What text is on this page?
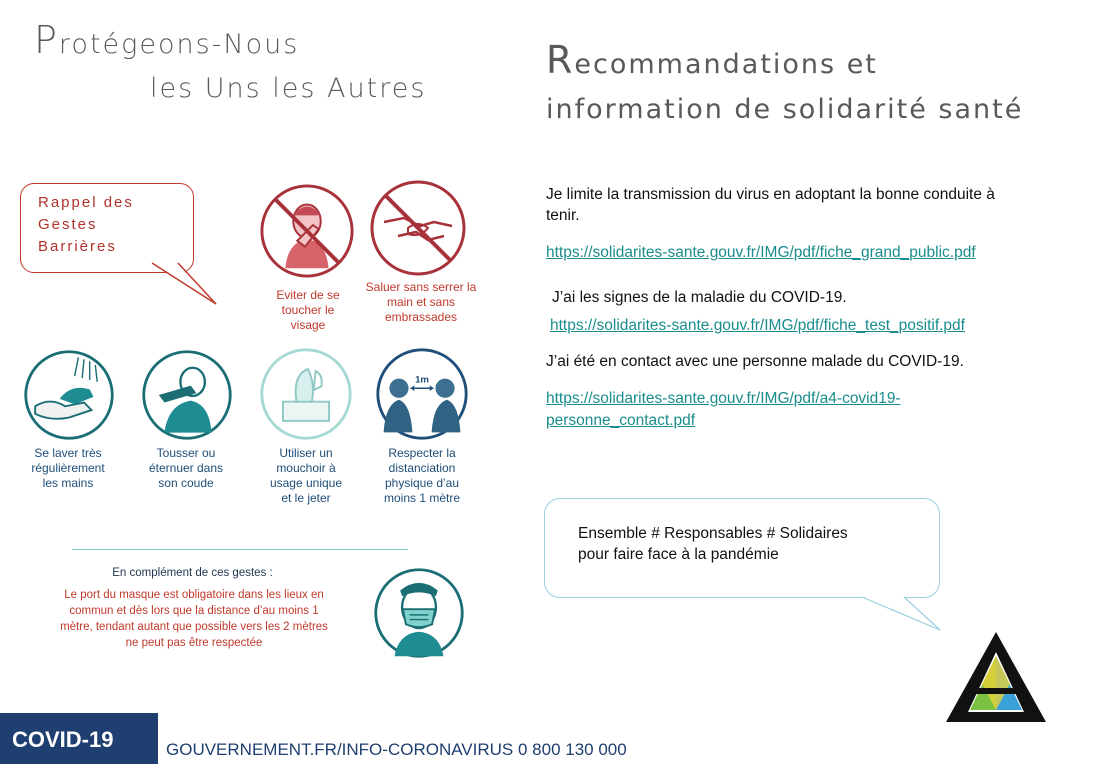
Protégeons-Nous
les Uns les Autres
Recommandations et
information de solidarité santé
Rappel des
Gestes
Barrières
Eviter de se
toucher le
visage
Saluer sans serrer la
main et sans
embrassades
Se laver très
régulièrement
les mains
Tousser ou
éternuer dans
son coude
Utiliser un
mouchoir à
usage unique
et le jeter
1m
Respecter la
distanciation
physique d’au
moins 1 mètre
En complément de ces gestes :
Le port du masque est obligatoire dans les lieux en
commun et dès lors que la distance d’au moins 1
mètre, tendant autant que possible vers les 2 mètres
ne peut pas être respectée
Je limite la transmission du virus en adoptant la bonne conduite à tenir.
https://solidarites-sante.gouv.fr/IMG/pdf/fiche_grand_public.pdf
J’ai les signes de la maladie du COVID-19.
https://solidarites-sante.gouv.fr/IMG/pdf/fiche_test_positif.pdf
J’ai été en contact avec une personne malade du COVID-19.
https://solidarites-sante.gouv.fr/IMG/pdf/a4-covid19-personne_contact.pdf
Ensemble # Responsables # Solidaires
pour faire face à la pandémie
COVID-19	GOUVERNEMENT.FR/INFO-CORONAVIRUS 0 800 130 000
